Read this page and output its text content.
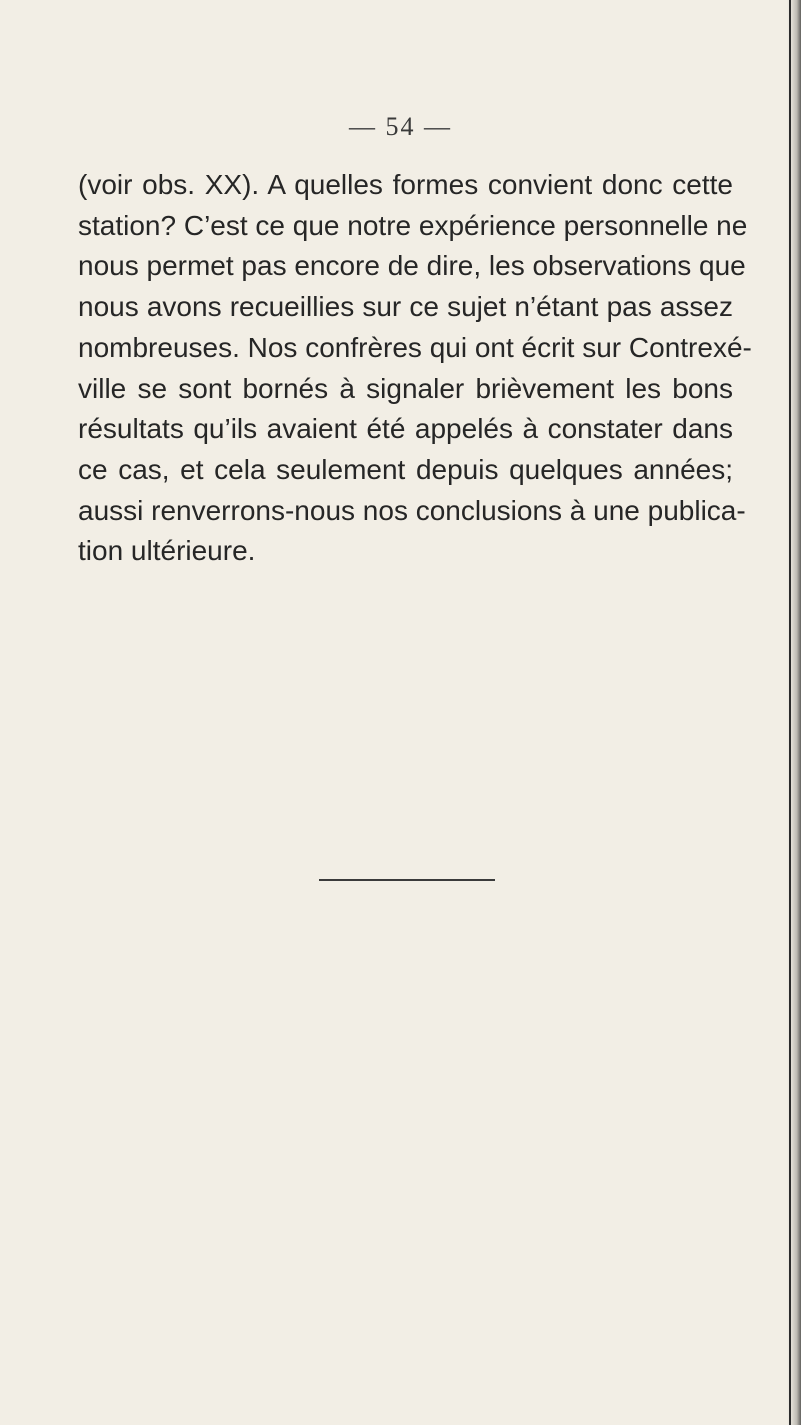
— 54 —
(voir obs. XX). A quelles formes convient donc cette
station? C’est ce que notre expérience personnelle ne
nous permet pas encore de dire, les observations que
nous avons recueillies sur ce sujet n’étant pas assez
nombreuses. Nos confrères qui ont écrit sur Contrexé-
ville se sont bornés à signaler brièvement les bons
résultats qu’ils avaient été appelés à constater dans
ce cas, et cela seulement depuis quelques années;
aussi renverrons-nous nos conclusions à une publica-
tion ultérieure.
